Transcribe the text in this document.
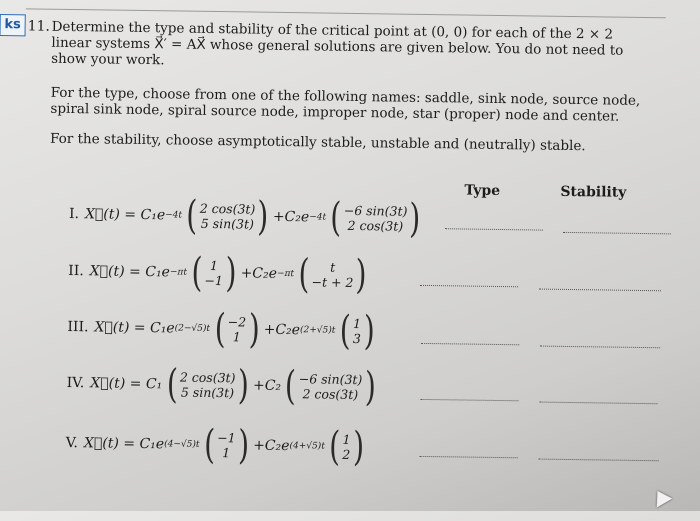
ks 11. Determine the type and stability of the critical point at (0, 0) for each of the 2 × 2 linear systems X⃗′ = AX⃗ whose general solutions are given below. You do not need to show your work.
For the type, choose from one of the following names: saddle, sink node, source node, spiral sink node, spiral source node, improper node, star (proper) node and center.
For the stability, choose asymptotically stable, unstable and (neutrally) stable.
Type	Stability
I. X⃗(t) =
C₁e −4t ( 2 cos(3t)
5 sin(3t) ) +C₂e −4t ( −6 sin(3t)
2 cos(3t) )
II. X⃗(t) =
C₁e −πt ( 1
−1 ) +C₂e −πt ( t
−t + 2 )
III. X⃗(t) =
C₁e (2−√5)t ( −2
1 ) +C₂e (2+√5)t ( 1
3 )
IV. X⃗(t) =
C₁ ( 2 cos(3t)
5 sin(3t) ) +C₂ ( −6 sin(3t)
2 cos(3t) )
V. X⃗(t) =
C₁e (4−√5)t ( −1
1 ) +C₂e (4+√5)t ( 1
2 )
